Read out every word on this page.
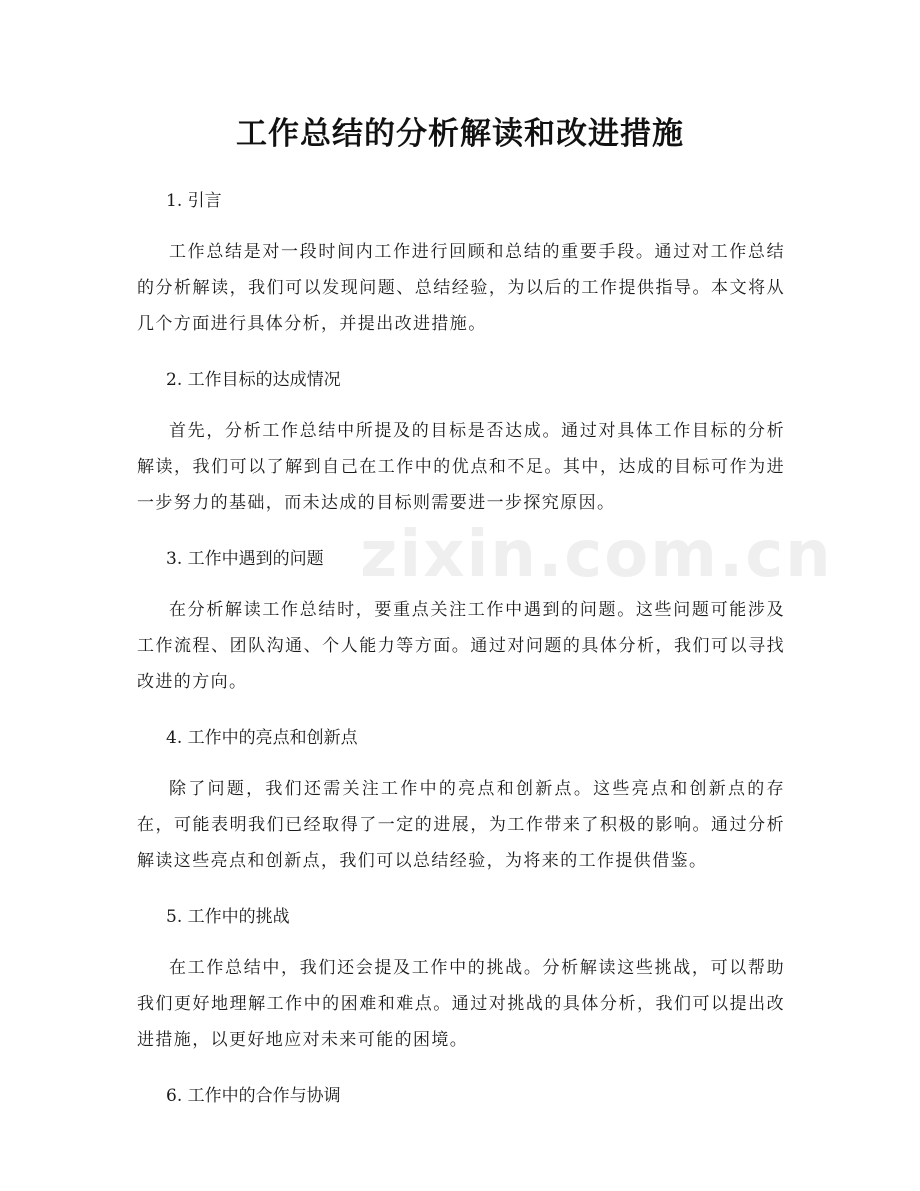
zixin.com.cn
工作总结的分析解读和改进措施

1. 引言

工作总结是对一段时间内工作进行回顾和总结的重要手段。通过对工作总结的分析解读，我们可以发现问题、总结经验，为以后的工作提供指导。本文将从几个方面进行具体分析，并提出改进措施。

2. 工作目标的达成情况

首先，分析工作总结中所提及的目标是否达成。通过对具体工作目标的分析解读，我们可以了解到自己在工作中的优点和不足。其中，达成的目标可作为进一步努力的基础，而未达成的目标则需要进一步探究原因。

3. 工作中遇到的问题

在分析解读工作总结时，要重点关注工作中遇到的问题。这些问题可能涉及工作流程、团队沟通、个人能力等方面。通过对问题的具体分析，我们可以寻找改进的方向。

4. 工作中的亮点和创新点

除了问题，我们还需关注工作中的亮点和创新点。这些亮点和创新点的存在，可能表明我们已经取得了一定的进展，为工作带来了积极的影响。通过分析解读这些亮点和创新点，我们可以总结经验，为将来的工作提供借鉴。

5. 工作中的挑战

在工作总结中，我们还会提及工作中的挑战。分析解读这些挑战，可以帮助我们更好地理解工作中的困难和难点。通过对挑战的具体分析，我们可以提出改进措施，以更好地应对未来可能的困境。

6. 工作中的合作与协调
